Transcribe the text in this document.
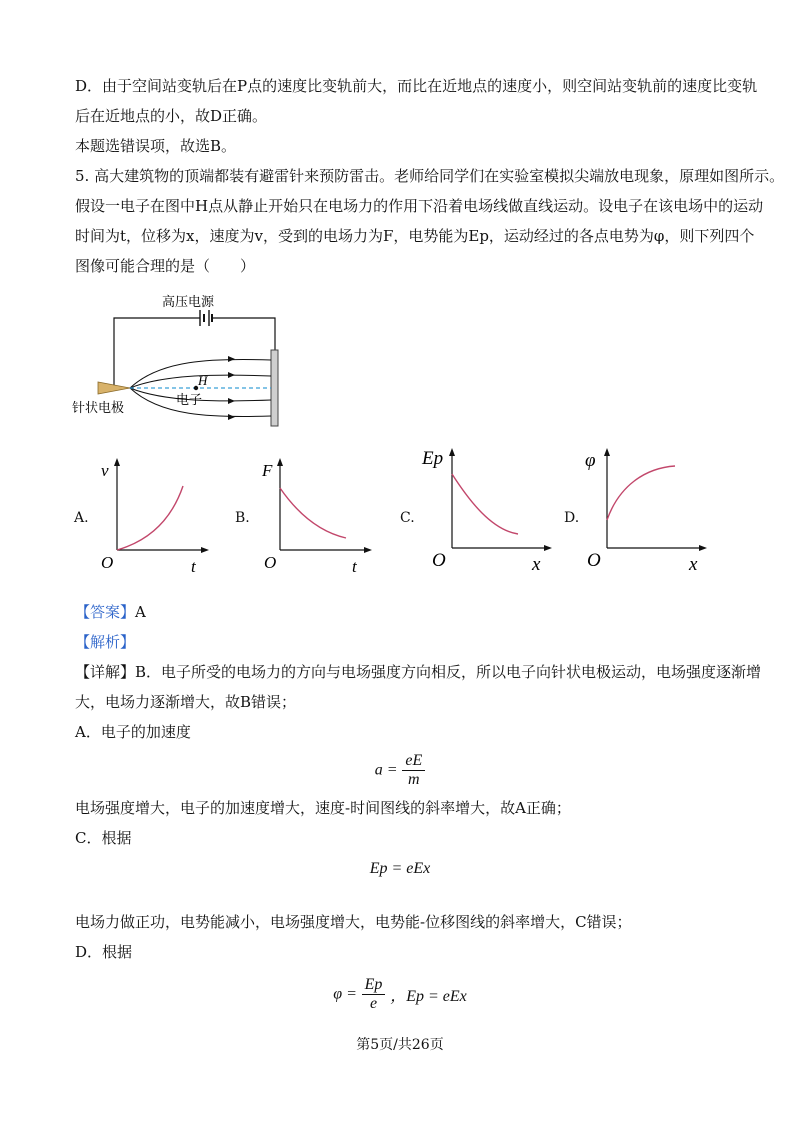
D．由于空间站变轨后在P点的速度比变轨前大，而比在近地点的速度小，则空间站变轨前的速度比变轨
后在近地点的小，故D正确。
本题选错误项，故选B。
5. 高大建筑物的顶端都装有避雷针来预防雷击。老师给同学们在实验室模拟尖端放电现象，原理如图所示。
假设一电子在图中H点从静止开始只在电场力的作用下沿着电场线做直线运动。设电子在该电场中的运动
时间为t，位移为x，速度为v，受到的电场力为F，电势能为Ep，运动经过的各点电势为φ，则下列四个
图像可能合理的是（　　）
高压电源
H
电子
针状电极
A.
v
t
O
B.
F
t
O
C.
Ep
x
O
D.
φ
x
O
【答案】A
【解析】
【详解】B．电子所受的电场力的方向与电场强度方向相反，所以电子向针状电极运动，电场强度逐渐增
大，电场力逐渐增大，故B错误；
A．电子的加速度
$a = \frac{eE}{m}$
电场强度增大，电子的加速度增大，速度-时间图线的斜率增大，故A正确；
C．根据
Ep = eEx
电场力做正功，电势能减小，电场强度增大，电势能-位移图线的斜率增大，C错误；
D．根据
$\varphi = \frac{Ep}{e}$ ，Ep = eEx
第5页/共26页
